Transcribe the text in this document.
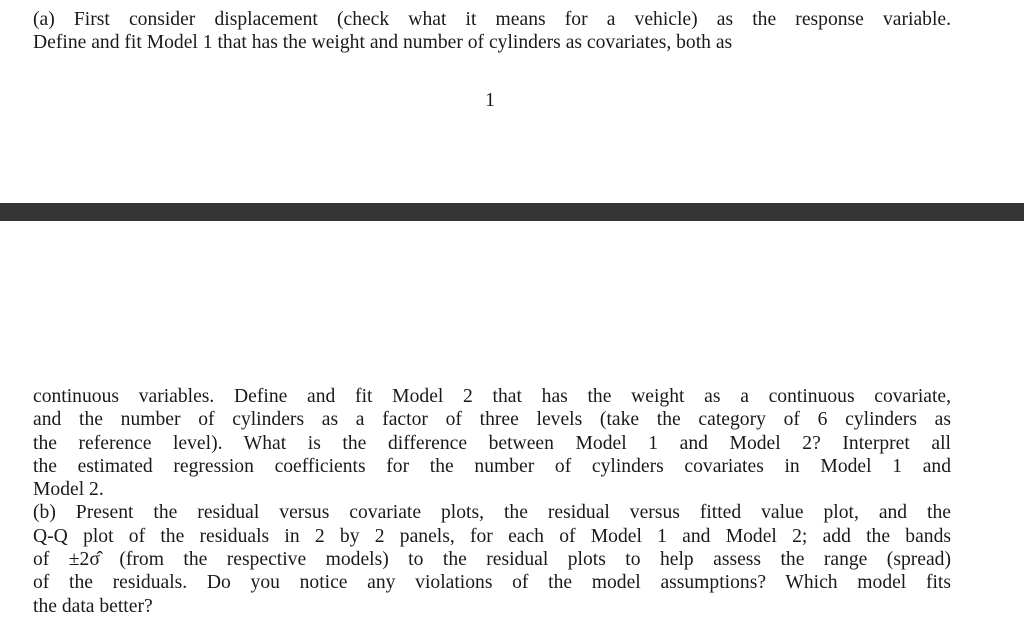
(a) First consider displacement (check what it means for a vehicle) as the response variable.
Define and fit Model 1 that has the weight and number of cylinders as covariates, both as
1
continuous variables. Define and fit Model 2 that has the weight as a continuous covariate,
and the number of cylinders as a factor of three levels (take the category of 6 cylinders as
the reference level). What is the difference between Model 1 and Model 2? Interpret all
the estimated regression coefficients for the number of cylinders covariates in Model 1 and
Model 2.
(b) Present the residual versus covariate plots, the residual versus fitted value plot, and the
Q-Q plot of the residuals in 2 by 2 panels, for each of Model 1 and Model 2; add the bands
of ±2σ̂ (from the respective models) to the residual plots to help assess the range (spread)
of the residuals. Do you notice any violations of the model assumptions? Which model fits
the data better?
